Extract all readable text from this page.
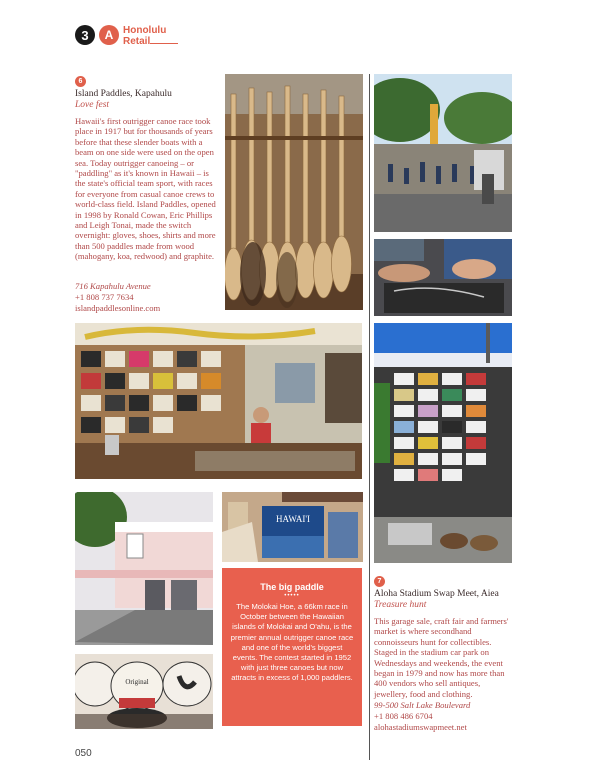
3	A Honolulu
Retail
6
Island Paddles, Kapahulu
Love fest
Hawaii's first outrigger canoe race took place in 1917 but for thousands of years before that these slender boats with a beam on one side were used on the open sea. Today outrigger canoeing – or "paddling" as it's known in Hawaii – is the state's official team sport, with races for everyone from casual canoe crews to world-class field. Island Paddles, opened in 1998 by Ronald Cowan, Eric Phillips and Leigh Tonai, made the switch overnight: gloves, shoes, shirts and more than 500 paddles made from wood (mahogany, koa, redwood) and graphite.
716 Kapahulu Avenue
+1 808 737 7634
islandpaddlesonline.com
HAWAI'I
Original
The big paddle
•••••
The Molokai Hoe, a 66km race in October between the Hawaiian islands of Molokai and O'ahu, is the premier annual outrigger canoe race and one of the world's biggest events. The contest started in 1952 with just three canoes but now attracts in excess of 1,000 paddlers.
7
Aloha Stadium Swap Meet, Aiea
Treasure hunt
This garage sale, craft fair and farmers' market is where secondhand connoisseurs hunt for collectibles. Staged in the stadium car park on Wednesdays and weekends, the event began in 1979 and now has more than 400 vendors who sell antiques, jewellery, food and clothing.
99-500 Salt Lake Boulevard
+1 808 486 6704
alohastadiumswapmeet.net
050
